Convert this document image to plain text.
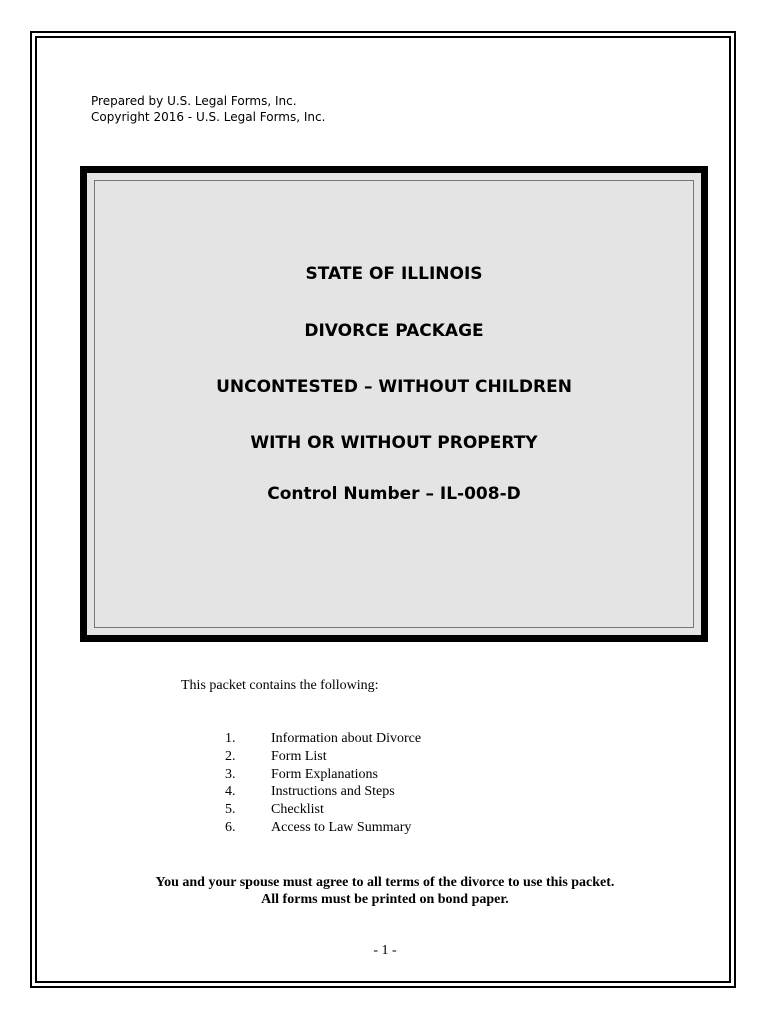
Prepared by U.S. Legal Forms, Inc.
Copyright 2016 - U.S. Legal Forms, Inc.
STATE OF ILLINOIS
DIVORCE PACKAGE
UNCONTESTED – WITHOUT CHILDREN
WITH OR WITHOUT PROPERTY
Control Number – IL-008-D
This packet contains the following:
1.	Information about Divorce
2.	Form List
3.	Form Explanations
4.	Instructions and Steps
5.	Checklist
6.	Access to Law Summary
You and your spouse must agree to all terms of the divorce to use this packet.
All forms must be printed on bond paper.
- 1 -
